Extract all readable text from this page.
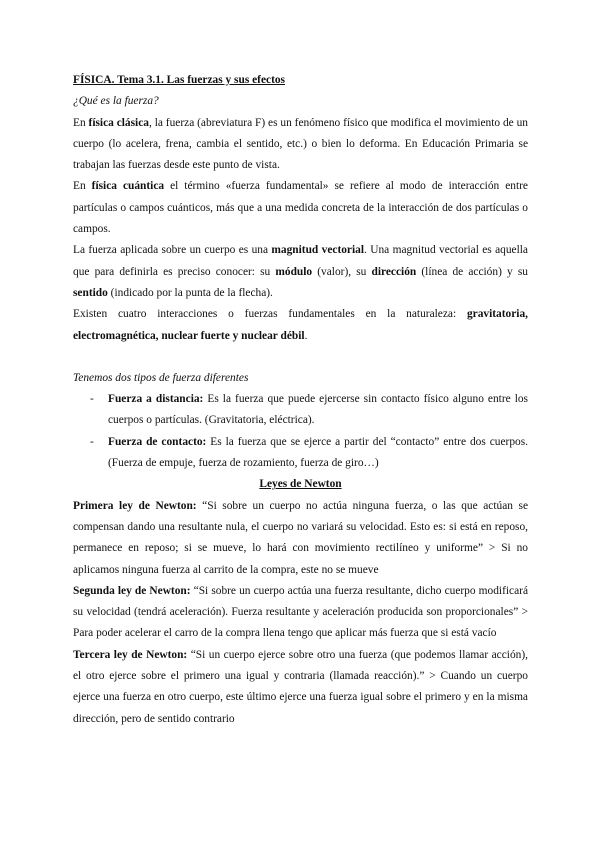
FÍSICA. Tema 3.1. Las fuerzas y sus efectos

¿Qué es la fuerza?

En física clásica, la fuerza (abreviatura F) es un fenómeno físico que modifica el movimiento de un cuerpo (lo acelera, frena, cambia el sentido, etc.) o bien lo deforma. En Educación Primaria se trabajan las fuerzas desde este punto de vista.

En física cuántica el término «fuerza fundamental» se refiere al modo de interacción entre partículas o campos cuánticos, más que a una medida concreta de la interacción de dos partículas o campos.

La fuerza aplicada sobre un cuerpo es una magnitud vectorial. Una magnitud vectorial es aquella que para definirla es preciso conocer: su módulo (valor), su dirección (línea de acción) y su sentido (indicado por la punta de la flecha).

Existen cuatro interacciones o fuerzas fundamentales en la naturaleza: gravitatoria, electromagnética, nuclear fuerte y nuclear débil.

Tenemos dos tipos de fuerza diferentes

- Fuerza a distancia: Es la fuerza que puede ejercerse sin contacto físico alguno entre los cuerpos o partículas. (Gravitatoria, eléctrica).
- Fuerza de contacto: Es la fuerza que se ejerce a partir del “contacto” entre dos cuerpos. (Fuerza de empuje, fuerza de rozamiento, fuerza de giro…)

Leyes de Newton

Primera ley de Newton: “Si sobre un cuerpo no actúa ninguna fuerza, o las que actúan se compensan dando una resultante nula, el cuerpo no variará su velocidad. Esto es: si está en reposo, permanece en reposo; si se mueve, lo hará con movimiento rectilíneo y uniforme” > Si no aplicamos ninguna fuerza al carrito de la compra, este no se mueve

Segunda ley de Newton: “Si sobre un cuerpo actúa una fuerza resultante, dicho cuerpo modificará su velocidad (tendrá aceleración). Fuerza resultante y aceleración producida son proporcionales” > Para poder acelerar el carro de la compra llena tengo que aplicar más fuerza que si está vacío

Tercera ley de Newton: “Si un cuerpo ejerce sobre otro una fuerza (que podemos llamar acción), el otro ejerce sobre el primero una igual y contraria (llamada reacción).” > Cuando un cuerpo ejerce una fuerza en otro cuerpo, este último ejerce una fuerza igual sobre el primero y en la misma dirección, pero de sentido contrario
